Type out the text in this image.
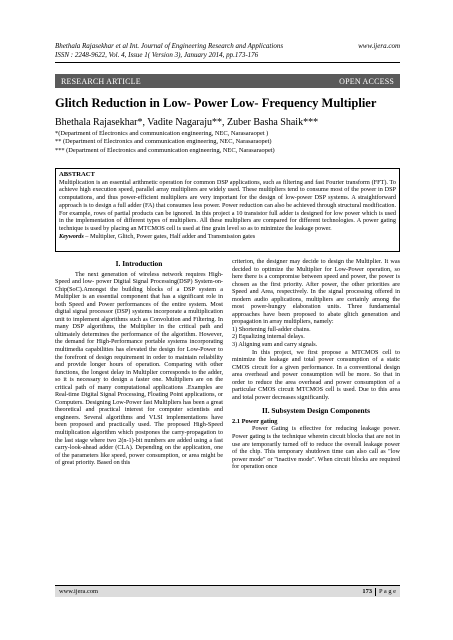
Bhethala Rajasekhar et al Int. Journal of Engineering Research and Applications	www.ijera.com
ISSN : 2248-9622, Vol. 4, Issue 1( Version 3), January 2014, pp.173-176
RESEARCH ARTICLE	OPEN ACCESS
Glitch Reduction in Low- Power Low- Frequency Multiplier
Bhethala Rajasekhar*, Vadite Nagaraju**, Zuber Basha Shaik***
*(Department of Electronics and communication engineering, NEC, Narasaraopet )
** (Department of Electronics and communication engineering, NEC, Narasaraopet)
*** (Department of Electronics and communication engineering, NEC, Narasaraopet)
ABSTRACT
Multiplication is an essential arithmetic operation for common DSP applications, such as filtering and fast Fourier transform (FFT). To achieve high execution speed, parallel array multipliers are widely used. These multipliers tend to consume most of the power in DSP computations, and thus power-efficient multipliers are very important for the design of low-power DSP systems. A straightforward approach is to design a full adder (FA) that consumes less power. Power reduction can also be achieved through structural modification. For example, rows of partial products can be ignored. In this project a 10 transistor full adder is designed for low power which is used in the implementation of different types of multipliers. All these multipliers are compared for different technologies. A power gating technique is used by placing an MTCMOS cell is used at fine grain level so as to minimize the leakage power.
Keywords – Multiplier, Glitch, Power gates, Half adder and Transmission gates
I. Introduction

The next generation of wireless network requires High-Speed and low- power Digital Signal Processing(DSP) System-on-Chip(SoC).Amongst the building blocks of a DSP system a Multiplier is an essential component that has a significant role in both Speed and Power performances of the entire system. Most digital signal processor (DSP) systems incorporate a multiplication unit to implement algorithms such as Convolution and Filtering. In many DSP algorithms, the Multiplier in the critical path and ultimately determines the performance of the algorithm. However, the demand for High-Performance portable systems incorporating multimedia capabilities has elevated the design for Low-Power to the forefront of design requirement in order to maintain reliability and provide longer hours of operation. Comparing with other functions, the longest delay in Multiplier corresponds to the adder, so it is necessary to design a faster one. Multipliers are on the critical path of many computational applications .Examples are Real-time Digital Signal Processing, Floating Point applications, or Computers. Designing Low-Power fast Multipliers has been a great theoretical and practical interest for computer scientists and engineers. Several algorithms and VLSI implementations have been proposed and practically used. The proposed High-Speed multiplication algorithm which postpones the carry-propagation to the last stage where two 2(n-1)-bit numbers are added using a fast carry-look-ahead adder (CLA). Depending on the application, one of the parameters like speed, power consumption, or area might be of great priority. Based on this

criterion, the designer may decide to design the Multiplier. It was decided to optimize the Multiplier for Low-Power operation, so here there is a compromise between speed and power, the power is chosen as the first priority. After power, the other priorities are Speed and Area, respectively. In the signal processing offered in modern audio applications, multipliers are certainly among the most power-hungry elaboration units. Three fundamental approaches have been proposed to abate glitch generation and propagation in array multipliers, namely:

1) Shortening full-adder chains.

2) Equalizing internal delays.

3) Aligning sum and carry signals.

In this project, we first propose a MTCMOS cell to minimize the leakage and total power consumption of a static CMOS circuit for a given performance. In a conventional design area overhead and power consumption will be more. So that in order to reduce the area overhead and power consumption of a particular CMOS circuit MTCMOS cell is used. Due to this area and total power decreases significantly.

II. Subsystem Design Components

2.1 Power gating

Power Gating is effective for reducing leakage power. Power gating is the technique wherein circuit blocks that are not in use are temporarily turned off to reduce the overall leakage power of the chip. This temporary shutdown time can also call as "low power mode" or "inactive mode". When circuit blocks are required for operation once

www.ijera.com	173 P a g e
